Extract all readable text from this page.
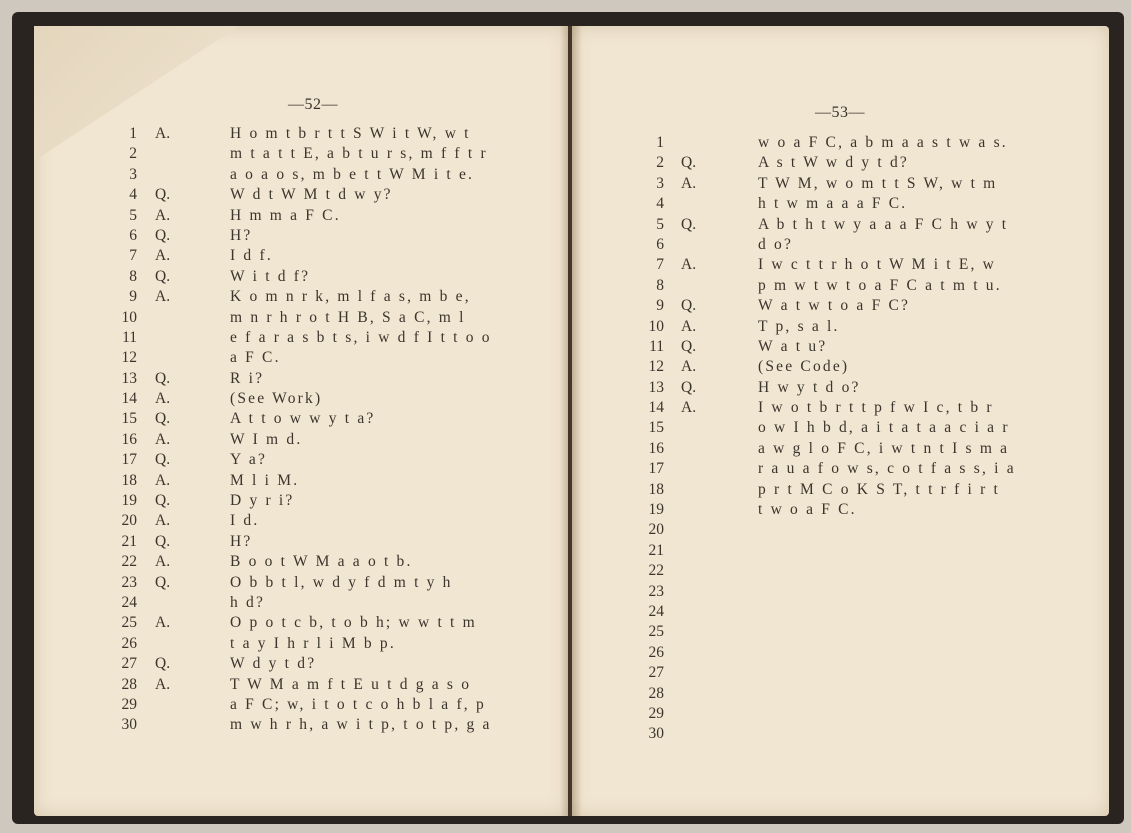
—52—	—53—
1
2
3
4
5
6
7
8
9
10
11
12
13
14
15
16
17
18
19
20
21
22
23
24
25
26
27
28
29
30
A.
Q.
A.
Q.
A.
Q.
A.
Q.
A.
Q.
A.
Q.
A.
Q.
A.
Q.
A.
Q.
A.
Q.
A.
H o m t b r t t S W i t W, w t
m t a t t E, a b t u r s, m f f t r
a o a o s, m b e t t W M i t e.
W d t W M t d w y?
H m m a F C.
H?
I d f.
W i t d f?
K o m n r k, m l f a s, m b e,
m n r h r o t H B, S a C, m l
e f a r a s b t s, i w d f I t t o o
a F C.
R i?
(See Work)
A t t o w w y t a?
W I m d.
Y a?
M l i M.
D y r i?
I d.
H?
B o o t W M a a o t b.
O b b t l, w d y f d m t y h
h d?
O p o t c b, t o b h; w w t t m
t a y I h r l i M b p.
W d y t d?
T W M a m f t E u t d g a s o
a F C; w, i t o t c o h b l a f, p
m w h r h, a w i t p, t o t p, g a
1
2
3
4
5
6
7
8
9
10
11
12
13
14
15
16
17
18
19
20
21
22
23
24
25
26
27
28
29
30
Q.
A.
Q.
A.
Q.
A.
Q.
A.
Q.
A.
w o a F C, a b m a a s t w a s.
A s t W w d y t d?
T W M, w o m t t S W, w t m
h t w m a a a F C.
A b t h t w y a a a F C h w y t
d o?
I w c t t r h o t W M i t E, w
p m w t w t o a F C a t m t u.
W a t w t o a F C?
T p, s a l.
W a t u?
(See Code)
H w y t d o?
I w o t b r t t p f w I c, t b r
o w I h b d, a i t a t a a c i a r
a w g l o F C, i w t n t I s m a
r a u a f o w s, c o t f a s s, i a
p r t M C o K S T, t t r f i r t
t w o a F C.
